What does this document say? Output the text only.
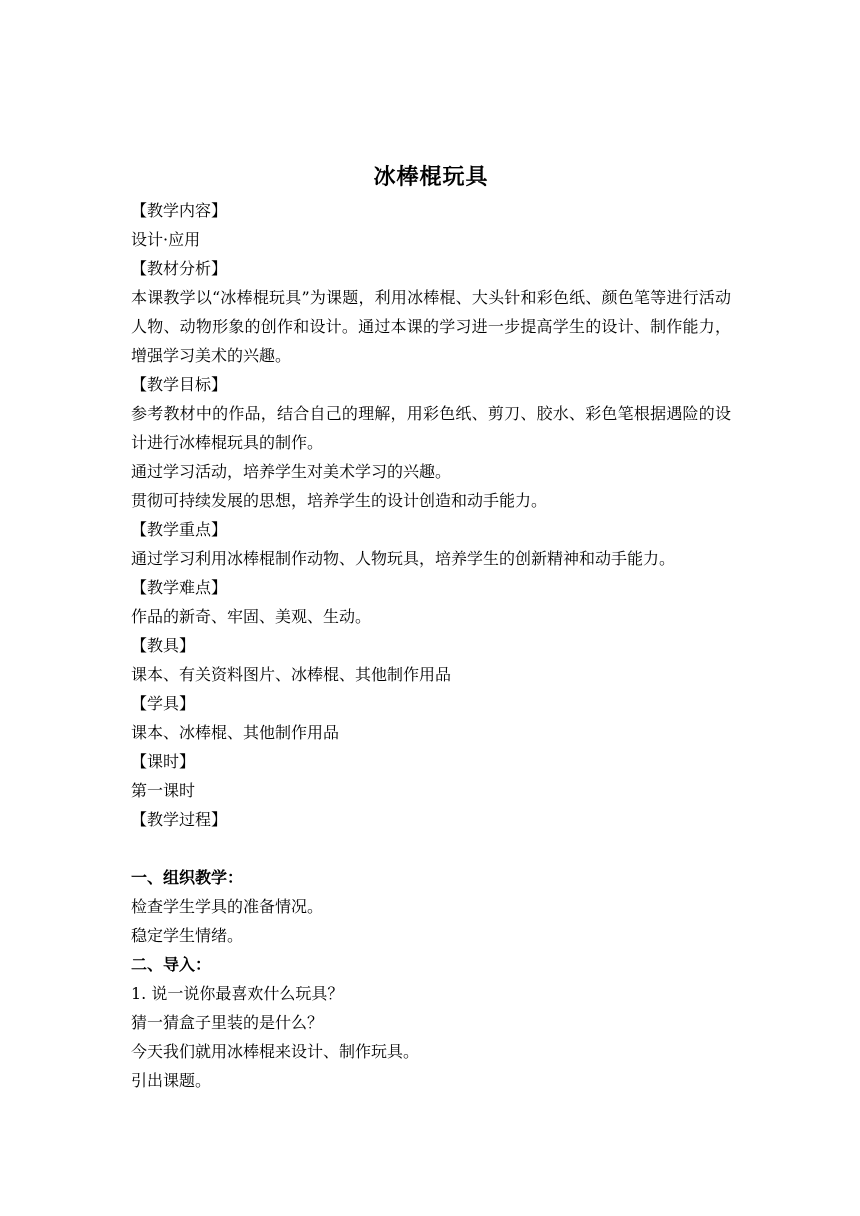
冰棒棍玩具

【教学内容】

设计·应用

【教材分析】

本课教学以“冰棒棍玩具”为课题，利用冰棒棍、大头针和彩色纸、颜色笔等进行活动人物、动物形象的创作和设计。通过本课的学习进一步提高学生的设计、制作能力，增强学习美术的兴趣。

【教学目标】

参考教材中的作品，结合自己的理解，用彩色纸、剪刀、胶水、彩色笔根据遇险的设计进行冰棒棍玩具的制作。

通过学习活动，培养学生对美术学习的兴趣。

贯彻可持续发展的思想，培养学生的设计创造和动手能力。

【教学重点】

通过学习利用冰棒棍制作动物、人物玩具，培养学生的创新精神和动手能力。

【教学难点】

作品的新奇、牢固、美观、生动。

【教具】

课本、有关资料图片、冰棒棍、其他制作用品

【学具】

课本、冰棒棍、其他制作用品

【课时】

第一课时

【教学过程】

一、组织教学：

检查学生学具的准备情况。

稳定学生情绪。

二、导入：

1. 说一说你最喜欢什么玩具？

猜一猜盒子里装的是什么？

今天我们就用冰棒棍来设计、制作玩具。

引出课题。
